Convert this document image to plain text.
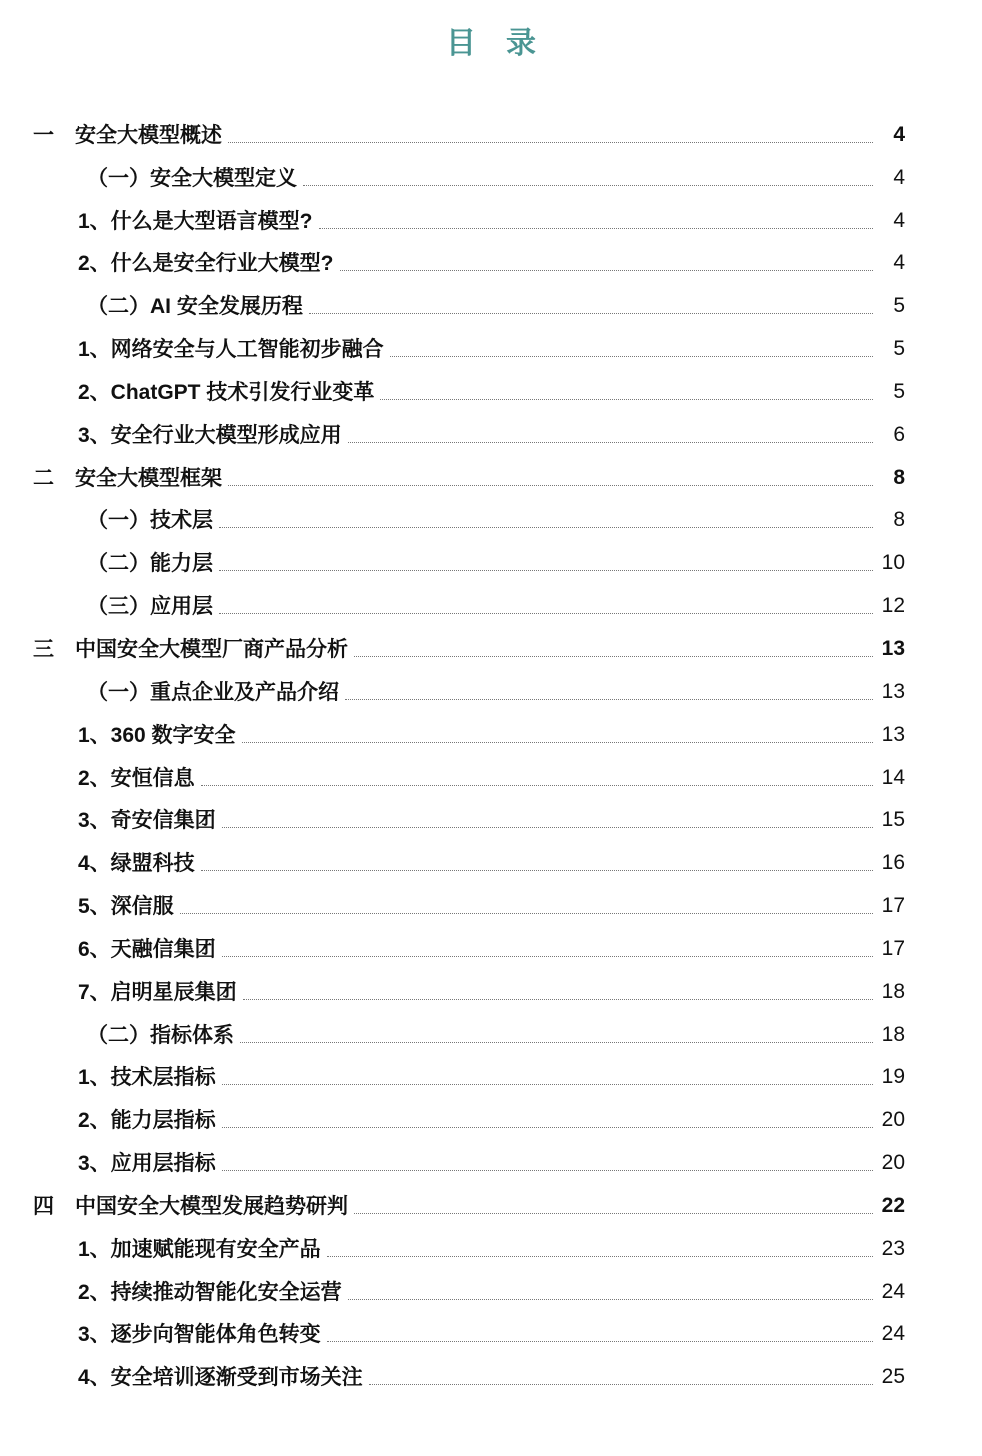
目　录
一	安全大模型概述	4
（一）安全大模型定义	4
1、什么是大型语言模型?	4
2、什么是安全行业大模型?	4
（二）AI 安全发展历程	5
1、网络安全与人工智能初步融合	5
2、ChatGPT 技术引发行业变革	5
3、安全行业大模型形成应用	6
二	安全大模型框架	8
（一）技术层	8
（二）能力层	10
（三）应用层	12
三	中国安全大模型厂商产品分析	13
（一）重点企业及产品介绍	13
1、360 数字安全	13
2、安恒信息	14
3、奇安信集团	15
4、绿盟科技	16
5、深信服	17
6、天融信集团	17
7、启明星辰集团	18
（二）指标体系	18
1、技术层指标	19
2、能力层指标	20
3、应用层指标	20
四	中国安全大模型发展趋势研判	22
1、加速赋能现有安全产品	23
2、持续推动智能化安全运营	24
3、逐步向智能体角色转变	24
4、安全培训逐渐受到市场关注	25
